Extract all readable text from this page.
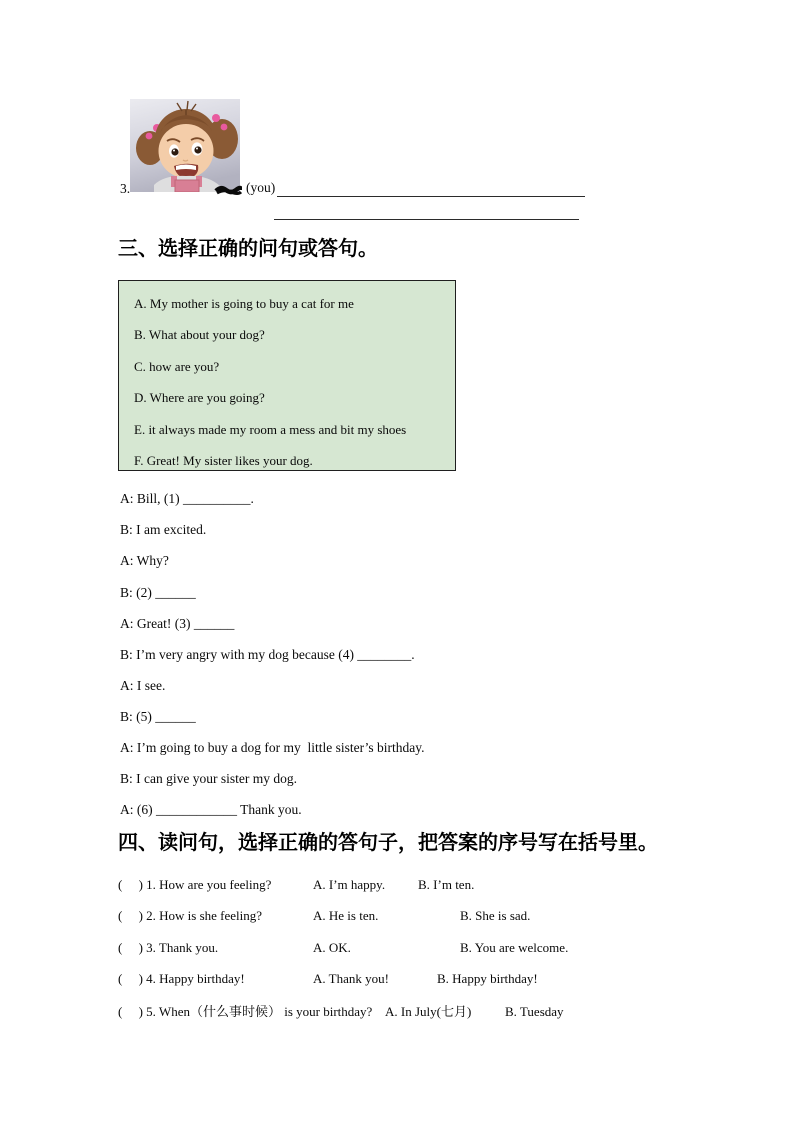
3.	(you)
三、选择正确的问句或答句。
A. My mother is going to buy a cat for me
B. What about your dog?
C. how are you?
D. Where are you going?
E. it always made my room a mess and bit my shoes
F. Great! My sister likes your dog.
A: Bill, (1) __________.
B: I am excited.
A: Why?
B: (2) ______
A: Great! (3) ______
B: I’m very angry with my dog because (4) ________.
A: I see.
B: (5) ______
A: I’m going to buy a dog for my  little sister’s birthday.
B: I can give your sister my dog.
A: (6) ____________ Thank you.
四、读问句，选择正确的答句子，把答案的序号写在括号里。
(     ) 1. How are you feeling?	A. I’m happy.	B. I’m ten.
(     ) 2. How is she feeling?	A. He is ten.	B. She is sad.
(     ) 3. Thank you.	A. OK.	B. You are welcome.
(     ) 4. Happy birthday!	A. Thank you!	B. Happy birthday!
(     ) 5. When（什么事时候） is your birthday? A. In July(七月)	B. Tuesday
